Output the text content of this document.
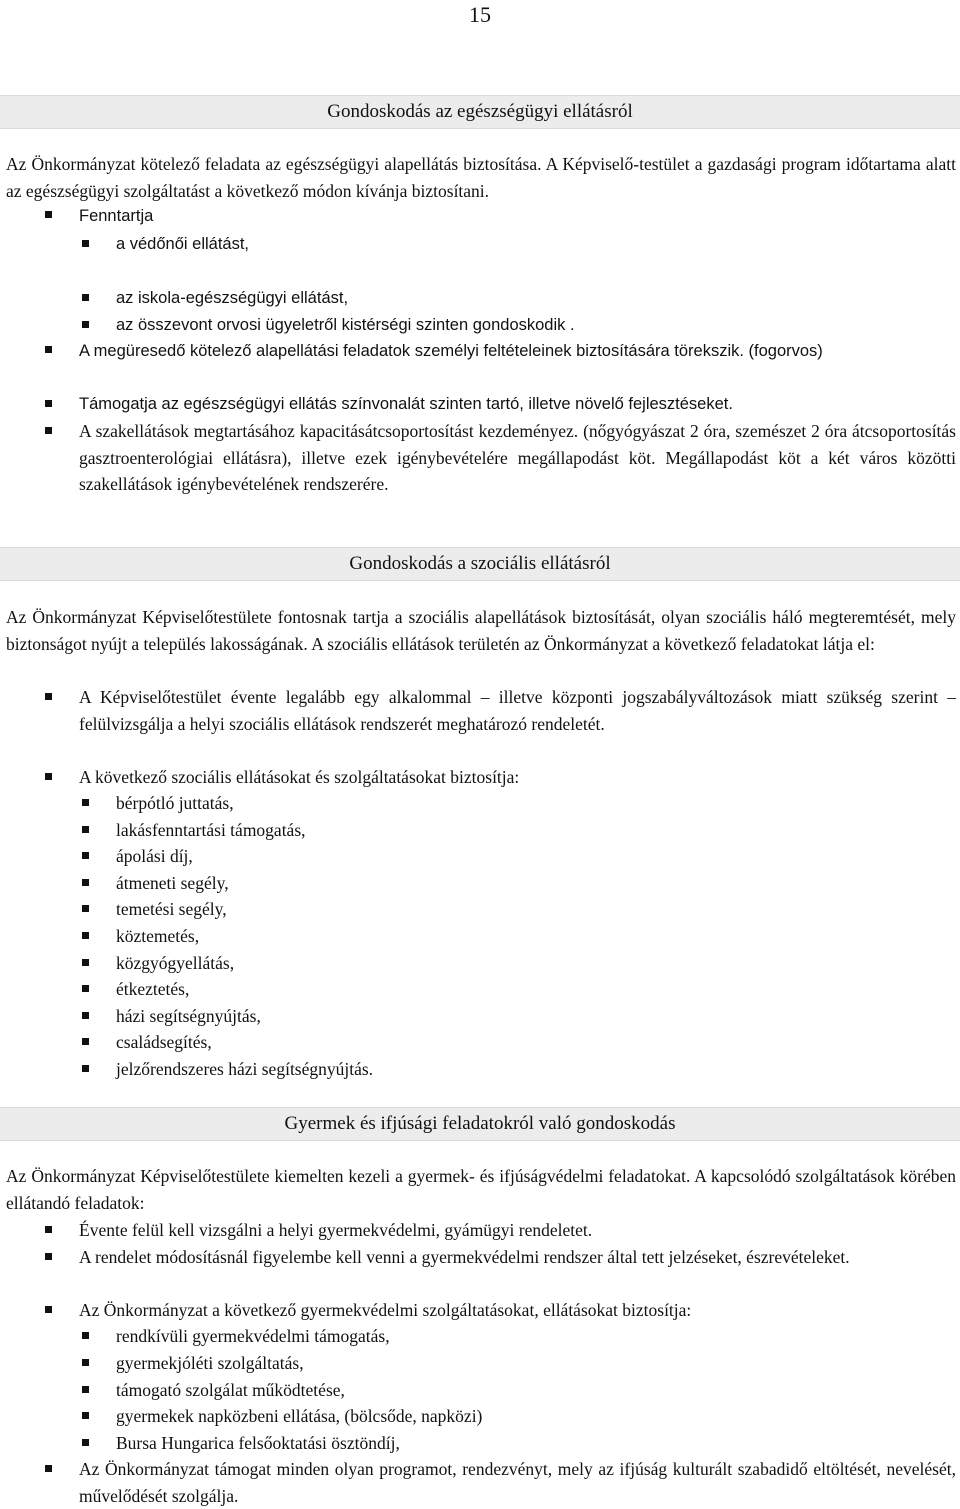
15
Gondoskodás az egészségügyi ellátásról

Az Önkormányzat kötelező feladata az egészségügyi alapellátás biztosítása. A Képviselő-testület a gazdasági program időtartama alatt az egészségügyi szolgáltatást a következő módon kívánja biztosítani.

Fenntartja
a védőnői ellátást,
az iskola-egészségügyi ellátást,
az összevont orvosi ügyeletről kistérségi szinten gondoskodik .
A megüresedő kötelező alapellátási feladatok személyi feltételeinek biztosítására törekszik. (fogorvos)
Támogatja az egészségügyi ellátás színvonalát szinten tartó, illetve növelő fejlesztéseket.
A szakellátások megtartásához kapacitásátcsoportosítást kezdeményez. (nőgyógyászat 2 óra, szemészet 2 óra átcsoportosítás gasztroenterológiai ellátásra), illetve ezek igénybevételére megállapodást köt. Megállapodást köt a két város közötti szakellátások igénybevételének rendszerére.
Gondoskodás a szociális ellátásról

Az Önkormányzat Képviselőtestülete fontosnak tartja a szociális alapellátások biztosítását, olyan szociális háló megteremtését, mely biztonságot nyújt a település lakosságának. A szociális ellátások területén az Önkormányzat a következő feladatokat látja el:

A Képviselőtestület évente legalább egy alkalommal – illetve központi jogszabályváltozások miatt szükség szerint – felülvizsgálja a helyi szociális ellátások rendszerét meghatározó rendeletét.
A következő szociális ellátásokat és szolgáltatásokat biztosítja:
bérpótló juttatás,
lakásfenntartási támogatás,
ápolási díj,
átmeneti segély,
temetési segély,
köztemetés,
közgyógyellátás,
étkeztetés,
házi segítségnyújtás,
családsegítés,
jelzőrendszeres házi segítségnyújtás.
Gyermek és ifjúsági feladatokról való gondoskodás

Az Önkormányzat Képviselőtestülete kiemelten kezeli a gyermek- és ifjúságvédelmi feladatokat. A kapcsolódó szolgáltatások körében ellátandó feladatok:

Évente felül kell vizsgálni a helyi gyermekvédelmi, gyámügyi rendeletet.
A rendelet módosításnál figyelembe kell venni a gyermekvédelmi rendszer által tett jelzéseket, észrevételeket.
Az Önkormányzat a következő gyermekvédelmi szolgáltatásokat, ellátásokat biztosítja:
rendkívüli gyermekvédelmi támogatás,
gyermekjóléti szolgáltatás,
támogató szolgálat működtetése,
gyermekek napközbeni ellátása, (bölcsőde, napközi)
Bursa Hungarica felsőoktatási ösztöndíj,
Az Önkormányzat támogat minden olyan programot, rendezvényt, mely az ifjúság kulturált szabadidő eltöltését, nevelését, művelődését szolgálja.
